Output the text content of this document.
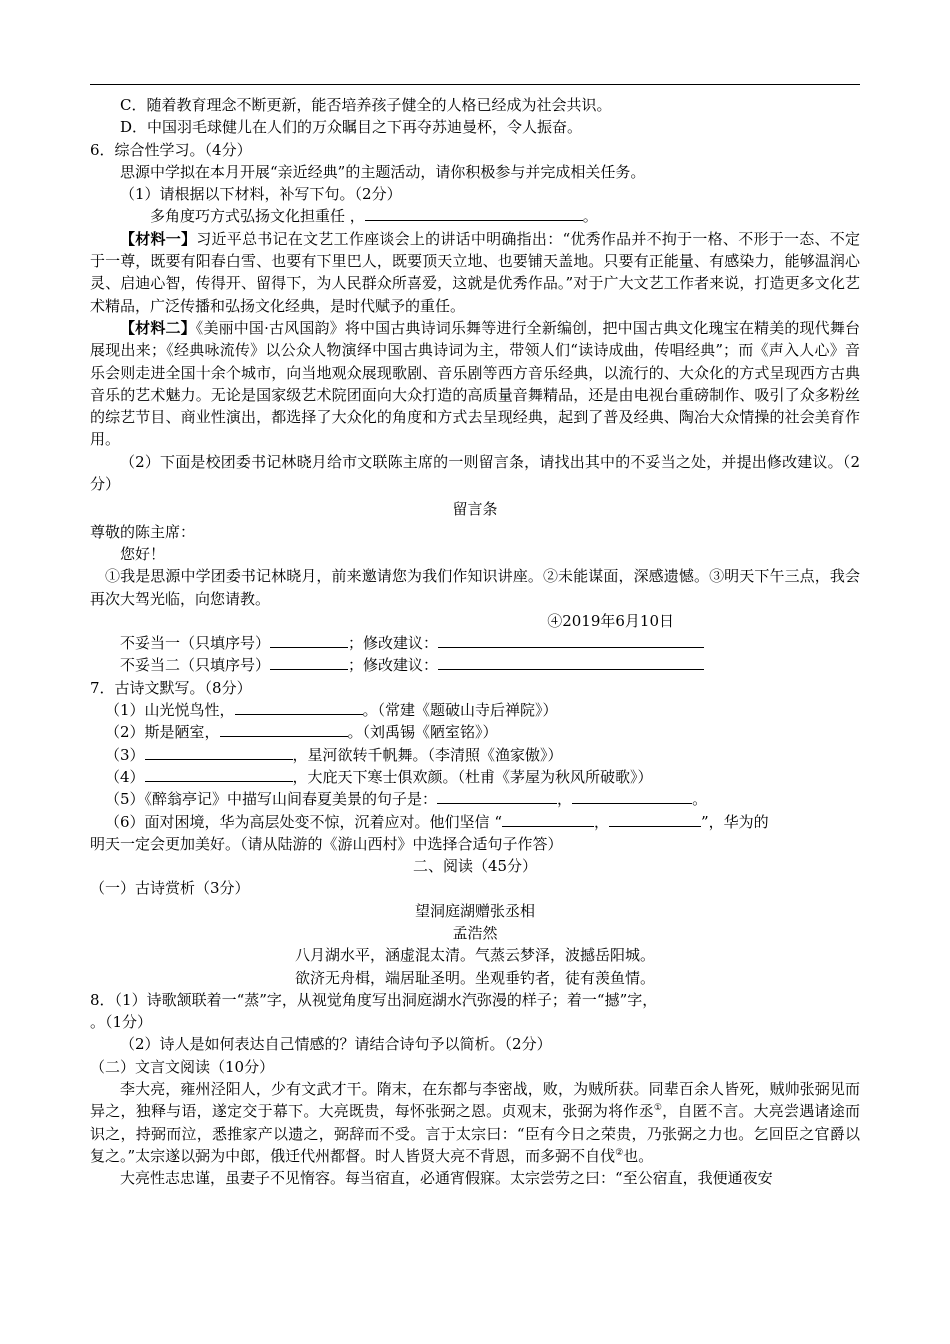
C．随着教育理念不断更新，能否培养孩子健全的人格已经成为社会共识。

D．中国羽毛球健儿在人们的万众瞩目之下再夺苏迪曼杯，令人振奋。

6．综合性学习。（4分）

思源中学拟在本月开展“亲近经典”的主题活动，请你积极参与并完成相关任务。

（1）请根据以下材料，补写下句。（2分）

多角度巧方式弘扬文化担重任 ，	。

【材料一】习近平总书记在文艺工作座谈会上的讲话中明确指出：“优秀作品并不拘于一格、不形于一态、不定于一尊，既要有阳春白雪、也要有下里巴人，既要顶天立地、也要铺天盖地。只要有正能量、有感染力，能够温润心灵、启迪心智，传得开、留得下，为人民群众所喜爱，这就是优秀作品。”对于广大文艺工作者来说，打造更多文化艺术精品，广泛传播和弘扬文化经典，是时代赋予的重任。

【材料二】《美丽中国·古风国韵》将中国古典诗词乐舞等进行全新编创，把中国古典文化瑰宝在精美的现代舞台展现出来；《经典咏流传》以公众人物演绎中国古典诗词为主，带领人们“读诗成曲，传唱经典”；而《声入人心》音乐会则走进全国十余个城市，向当地观众展现歌剧、音乐剧等西方音乐经典，以流行的、大众化的方式呈现西方古典音乐的艺术魅力。无论是国家级艺术院团面向大众打造的高质量音舞精品，还是由电视台重磅制作、吸引了众多粉丝的综艺节目、商业性演出，都选择了大众化的角度和方式去呈现经典，起到了普及经典、陶冶大众情操的社会美育作用。

（2）下面是校团委书记林晓月给市文联陈主席的一则留言条，请找出其中的不妥当之处，并提出修改建议。（2分）

留言条

尊敬的陈主席：

您好！

①我是思源中学团委书记林晓月，前来邀请您为我们作知识讲座。②未能谋面，深感遗憾。③明天下午三点，我会再次大驾光临，向您请教。

④2019年6月10日

不妥当一（只填序号）	；修改建议：

不妥当二（只填序号）	；修改建议：

7．古诗文默写。（8分）

（1）山光悦鸟性，	。（常建《题破山寺后禅院》）

（2）斯是陋室，	。（刘禹锡《陋室铭》）

（3）	，星河欲转千帆舞。（李清照《渔家傲》）

（4）	，大庇天下寒士俱欢颜。（杜甫《茅屋为秋风所破歌》）

（5）《醉翁亭记》中描写山间春夏美景的句子是：	，	。

（6）面对困境，华为高层处变不惊，沉着应对。他们坚信 “	，	”，华为的

明天一定会更加美好。（请从陆游的《游山西村》中选择合适句子作答）

二、阅读（45分）

（一）古诗赏析（3分）

望洞庭湖赠张丞相

孟浩然

八月湖水平，涵虚混太清。气蒸云梦泽，波撼岳阳城。

欲济无舟楫，端居耻圣明。坐观垂钓者，徒有羡鱼情。

8．（1）诗歌颔联着一“蒸”字，从视觉角度写出洞庭湖水汽弥漫的样子；着一“撼”字，

。（1分）

（2）诗人是如何表达自己情感的？请结合诗句予以简析。（2分）

（二）文言文阅读（10分）

李大亮，雍州泾阳人，少有文武才干。隋末，在东都与李密战，败，为贼所获。同辈百余人皆死，贼帅张弼见而异之，独释与语，遂定交于幕下。大亮既贵，每怀张弼之恩。贞观末，张弼为将作丞①，自匿不言。大亮尝遇诸途而识之，持弼而泣，悉推家产以遗之，弼辞而不受。言于太宗曰：“臣有今日之荣贵，乃张弼之力也。乞回臣之官爵以复之。”太宗遂以弼为中郎，俄迁代州都督。时人皆贤大亮不背恩，而多弼不自伐②也。

大亮性志忠谨，虽妻子不见惰容。每当宿直，必通宵假寐。太宗尝劳之曰：“至公宿直，我便通夜安
